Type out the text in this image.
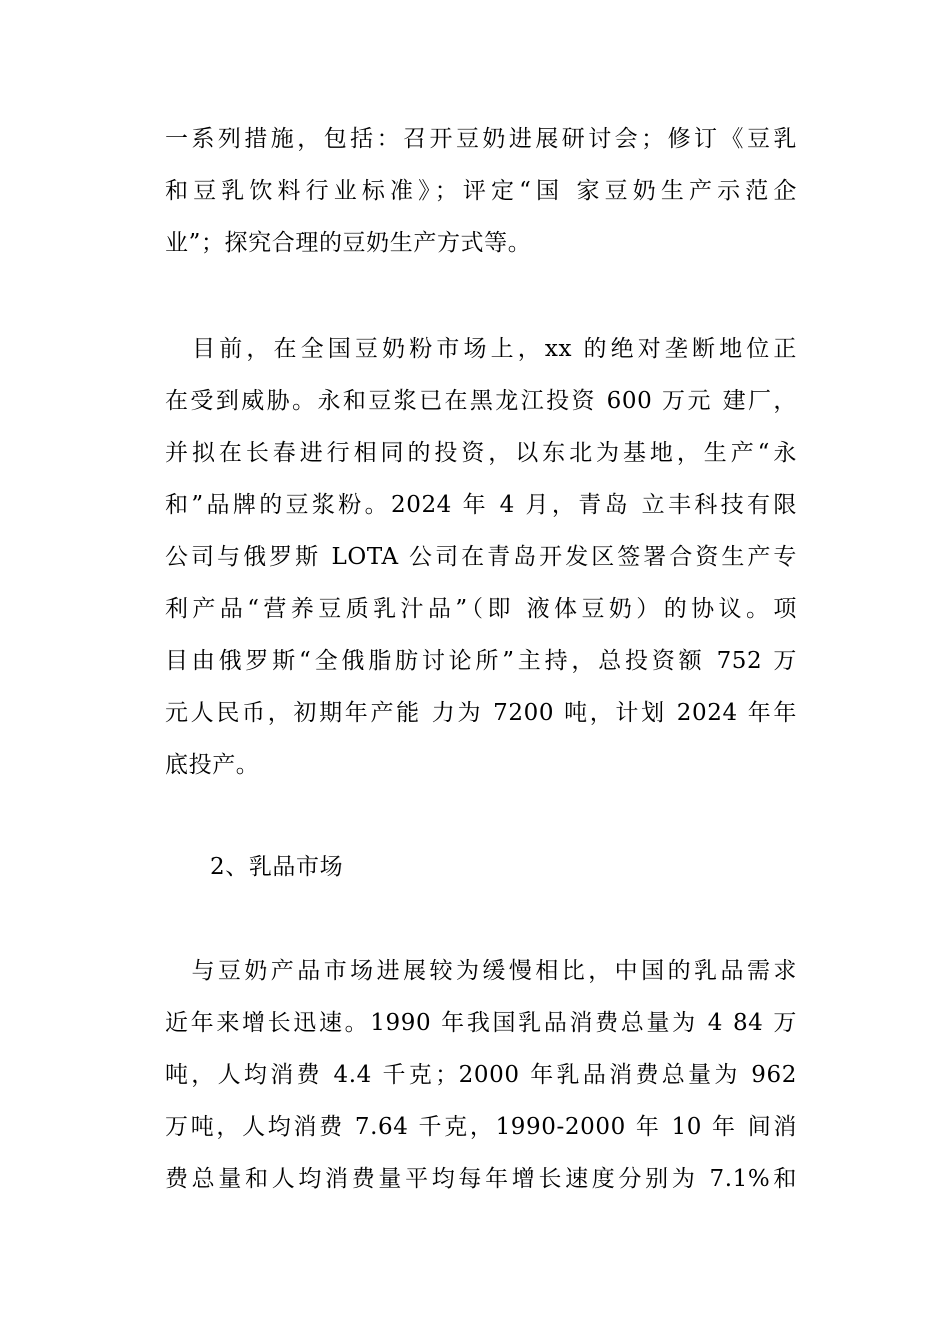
一系列措施，包括：召开豆奶进展研讨会；修订《豆乳
和豆乳饮料行业标准》；评定“国 家豆奶生产示范企
业”；探究合理的豆奶生产方式等。
　目前，在全国豆奶粉市场上，xx 的绝对垄断地位正
在受到威胁。永和豆浆已在黑龙江投资 600 万元 建厂，
并拟在长春进行相同的投资，以东北为基地，生产“永
和”品牌的豆浆粉。2024 年 4 月，青岛 立丰科技有限
公司与俄罗斯 LOTA 公司在青岛开发区签署合资生产专
利产品“营养豆质乳汁品”（即 液体豆奶）的协议。项
目由俄罗斯“全俄脂肪讨论所”主持，总投资额 752 万
元人民币，初期年产能 力为 7200 吨，计划 2024 年年
底投产。
2、乳品市场
　与豆奶产品市场进展较为缓慢相比，中国的乳品需求
近年来增长迅速。1990 年我国乳品消费总量为 4 84 万
吨，人均消费 4.4 千克；2000 年乳品消费总量为 962
万吨，人均消费 7.64 千克，1990-2000 年 10 年 间消
费总量和人均消费量平均每年增长速度分别为 7.1%和
